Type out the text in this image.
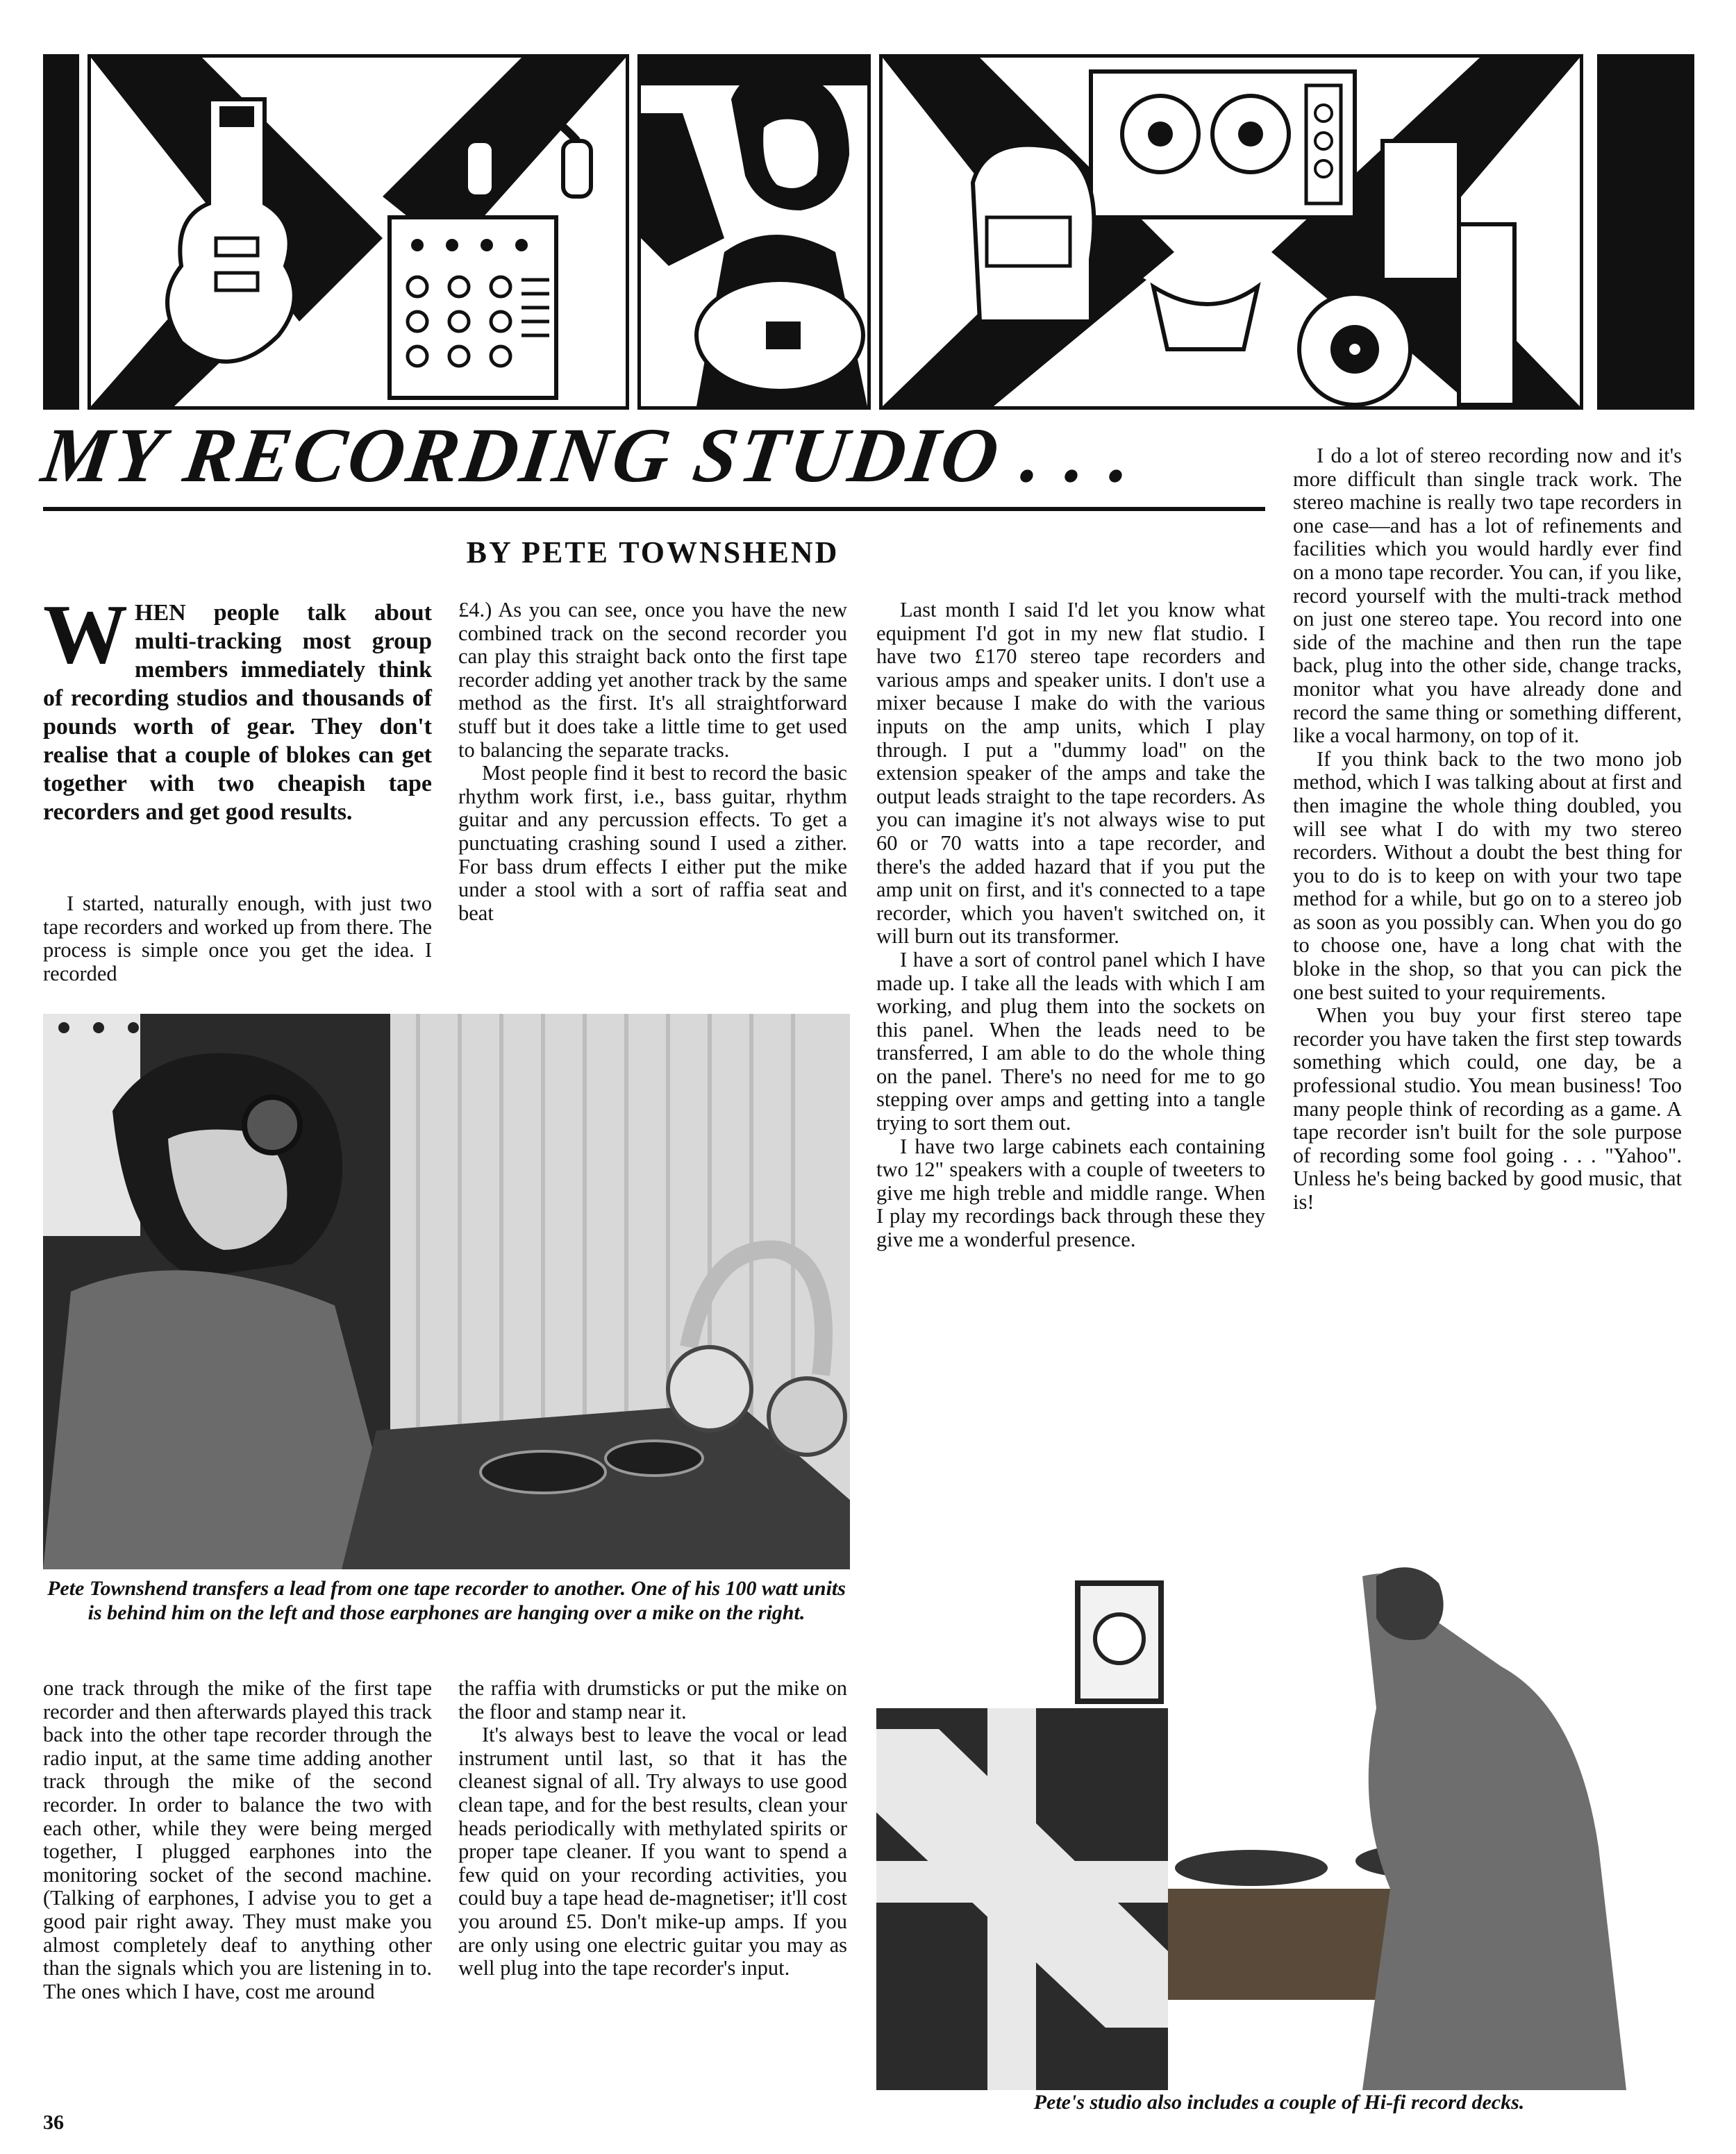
MY RECORDING STUDIO . . .
BY PETE TOWNSHEND
WHEN people talk about multi-tracking most group members immediately think of recording studios and thousands of pounds worth of gear. They don't realise that a couple of blokes can get together with two cheapish tape recorders and get good results.

I started, naturally enough, with just two tape recorders and worked up from there. The process is simple once you get the idea. I recorded

£4.) As you can see, once you have the new combined track on the second recorder you can play this straight back onto the first tape recorder adding yet another track by the same method as the first. It's all straightforward stuff but it does take a little time to get used to balancing the separate tracks.

Most people find it best to record the basic rhythm work first, i.e., bass guitar, rhythm guitar and any percussion effects. To get a punctuating crashing sound I used a zither. For bass drum effects I either put the mike under a stool with a sort of raffia seat and beat

Last month I said I'd let you know what equipment I'd got in my new flat studio. I have two £170 stereo tape recorders and various amps and speaker units. I don't use a mixer because I make do with the various inputs on the amp units, which I play through. I put a "dummy load" on the extension speaker of the amps and take the output leads straight to the tape recorders. As you can imagine it's not always wise to put 60 or 70 watts into a tape recorder, and there's the added hazard that if you put the amp unit on first, and it's connected to a tape recorder, which you haven't switched on, it will burn out its transformer.

I have a sort of control panel which I have made up. I take all the leads with which I am working, and plug them into the sockets on this panel. When the leads need to be transferred, I am able to do the whole thing on the panel. There's no need for me to go stepping over amps and getting into a tangle trying to sort them out.

I have two large cabinets each containing two 12" speakers with a couple of tweeters to give me high treble and middle range. When I play my recordings back through these they give me a wonderful presence.

I do a lot of stereo recording now and it's more difficult than single track work. The stereo machine is really two tape recorders in one case—and has a lot of refinements and facilities which you would hardly ever find on a mono tape recorder. You can, if you like, record yourself with the multi-track method on just one stereo tape. You record into one side of the machine and then run the tape back, plug into the other side, change tracks, monitor what you have already done and record the same thing or something different, like a vocal harmony, on top of it.

If you think back to the two mono job method, which I was talking about at first and then imagine the whole thing doubled, you will see what I do with my two stereo recorders. Without a doubt the best thing for you to do is to keep on with your two tape method for a while, but go on to a stereo job as soon as you possibly can. When you do go to choose one, have a long chat with the bloke in the shop, so that you can pick the one best suited to your requirements.

When you buy your first stereo tape recorder you have taken the first step towards something which could, one day, be a professional studio. You mean business! Too many people think of recording as a game. A tape recorder isn't built for the sole purpose of recording some fool going . . . "Yahoo". Unless he's being backed by good music, that is!

Pete Townshend transfers a lead from one tape recorder to another. One of his 100 watt units is behind him on the left and those earphones are hanging over a mike on the right.

one track through the mike of the first tape recorder and then afterwards played this track back into the other tape recorder through the radio input, at the same time adding another track through the mike of the second recorder. In order to balance the two with each other, while they were being merged together, I plugged earphones into the monitoring socket of the second machine. (Talking of earphones, I advise you to get a good pair right away. They must make you almost completely deaf to anything other than the signals which you are listening in to. The ones which I have, cost me around

the raffia with drumsticks or put the mike on the floor and stamp near it.

It's always best to leave the vocal or lead instrument until last, so that it has the cleanest signal of all. Try always to use good clean tape, and for the best results, clean your heads periodically with methylated spirits or proper tape cleaner. If you want to spend a few quid on your recording activities, you could buy a tape head de-magnetiser; it'll cost you around £5. Don't mike-up amps. If you are only using one electric guitar you may as well plug into the tape recorder's input.

Pete's studio also includes a couple of Hi-fi record decks.
36
